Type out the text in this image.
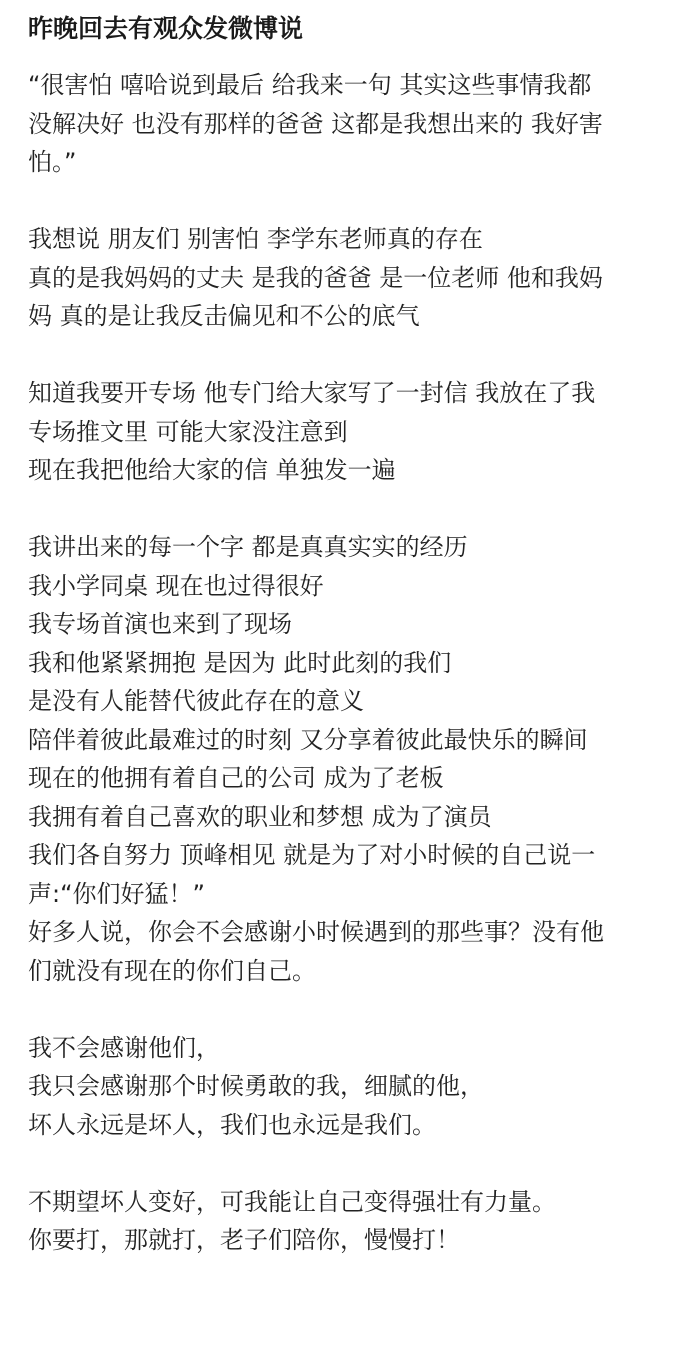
昨晚回去有观众发微博说
“很害怕 嘻哈说到最后 给我来一句 其实这些事情我都
没解决好 也没有那样的爸爸 这都是我想出来的 我好害
怕。”
我想说 朋友们 别害怕 李学东老师真的存在
真的是我妈妈的丈夫 是我的爸爸 是一位老师 他和我妈
妈 真的是让我反击偏见和不公的底气
知道我要开专场 他专门给大家写了一封信 我放在了我
专场推文里 可能大家没注意到
现在我把他给大家的信 单独发一遍
我讲出来的每一个字 都是真真实实的经历
我小学同桌 现在也过得很好
我专场首演也来到了现场
我和他紧紧拥抱 是因为 此时此刻的我们
是没有人能替代彼此存在的意义
陪伴着彼此最难过的时刻 又分享着彼此最快乐的瞬间
现在的他拥有着自己的公司 成为了老板
我拥有着自己喜欢的职业和梦想 成为了演员
我们各自努力 顶峰相见 就是为了对小时候的自己说一
声:“你们好猛！”
好多人说，你会不会感谢小时候遇到的那些事？没有他
们就没有现在的你们自己。
我不会感谢他们，
我只会感谢那个时候勇敢的我，细腻的他，
坏人永远是坏人，我们也永远是我们。
不期望坏人变好，可我能让自己变得强壮有力量。
你要打，那就打，老子们陪你，慢慢打！
